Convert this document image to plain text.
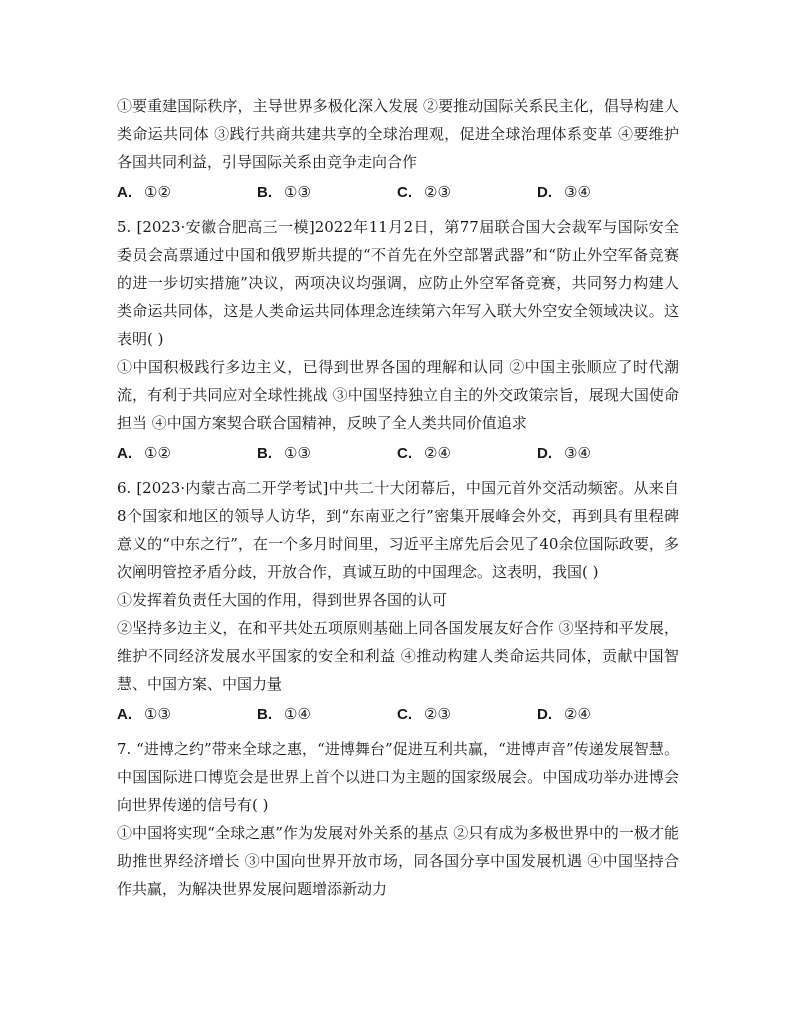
①要重建国际秩序，主导世界多极化深入发展 ②要推动国际关系民主化，倡导构建人类命运共同体 ③践行共商共建共享的全球治理观，促进全球治理体系变革 ④要维护各国共同利益，引导国际关系由竞争走向合作

A. ①②	B. ①③	C. ②③	D. ③④

5. [2023·安徽合肥高三一模]2022年11月2日，第77届联合国大会裁军与国际安全委员会高票通过中国和俄罗斯共提的“不首先在外空部署武器”和“防止外空军备竞赛的进一步切实措施”决议，两项决议均强调，应防止外空军备竞赛，共同努力构建人类命运共同体，这是人类命运共同体理念连续第六年写入联大外空安全领域决议。这表明( )

①中国积极践行多边主义，已得到世界各国的理解和认同 ②中国主张顺应了时代潮流，有利于共同应对全球性挑战 ③中国坚持独立自主的外交政策宗旨，展现大国使命担当 ④中国方案契合联合国精神，反映了全人类共同价值追求

A. ①②	B. ①③	C. ②④	D. ③④

6. [2023·内蒙古高二开学考试]中共二十大闭幕后，中国元首外交活动频密。从来自8个国家和地区的领导人访华，到“东南亚之行”密集开展峰会外交，再到具有里程碑意义的“中东之行”，在一个多月时间里，习近平主席先后会见了40余位国际政要，多次阐明管控矛盾分歧，开放合作，真诚互助的中国理念。这表明，我国( )

①发挥着负责任大国的作用，得到世界各国的认可

②坚持多边主义，在和平共处五项原则基础上同各国发展友好合作 ③坚持和平发展，维护不同经济发展水平国家的安全和利益 ④推动构建人类命运共同体，贡献中国智慧、中国方案、中国力量

A. ①③	B. ①④	C. ②③	D. ②④

7. “进博之约”带来全球之惠，“进博舞台”促进互利共赢，“进博声音”传递发展智慧。中国国际进口博览会是世界上首个以进口为主题的国家级展会。中国成功举办进博会向世界传递的信号有( )

①中国将实现“全球之惠”作为发展对外关系的基点 ②只有成为多极世界中的一极才能助推世界经济增长 ③中国向世界开放市场，同各国分享中国发展机遇 ④中国坚持合作共赢，为解决世界发展问题增添新动力
